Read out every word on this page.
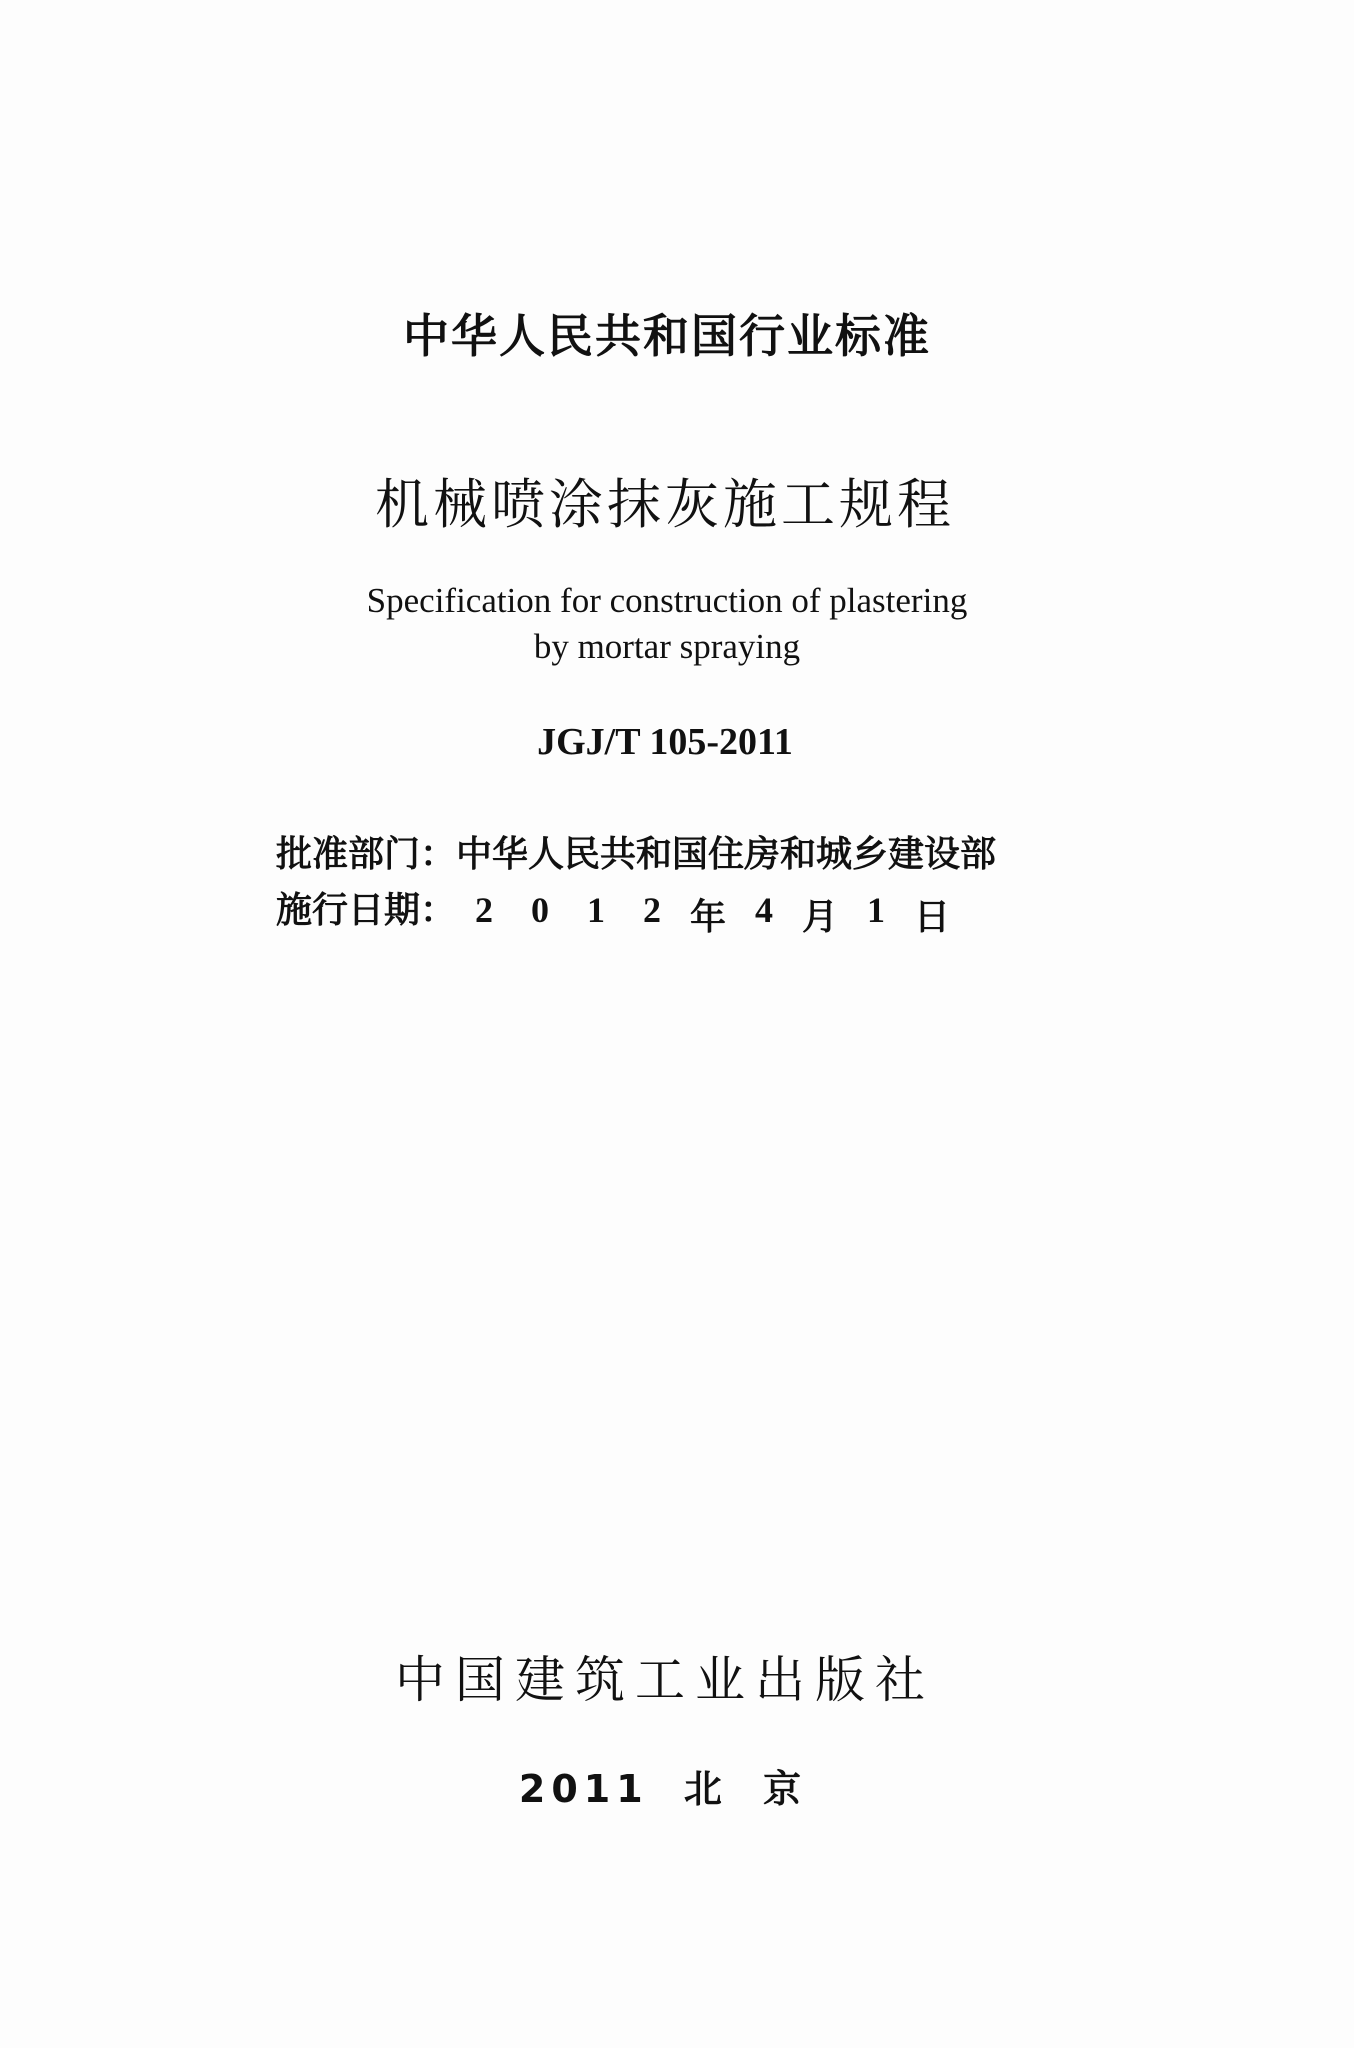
中华人民共和国行业标准
机械喷涂抹灰施工规程
Specification for construction of plastering
by mortar spraying
JGJ/T 105-2011
批准部门：中华人民共和国住房和城乡建设部
施行日期： 2	0	1	2 年 4 月 1 日
中国建筑工业出版社
2011 北 京
